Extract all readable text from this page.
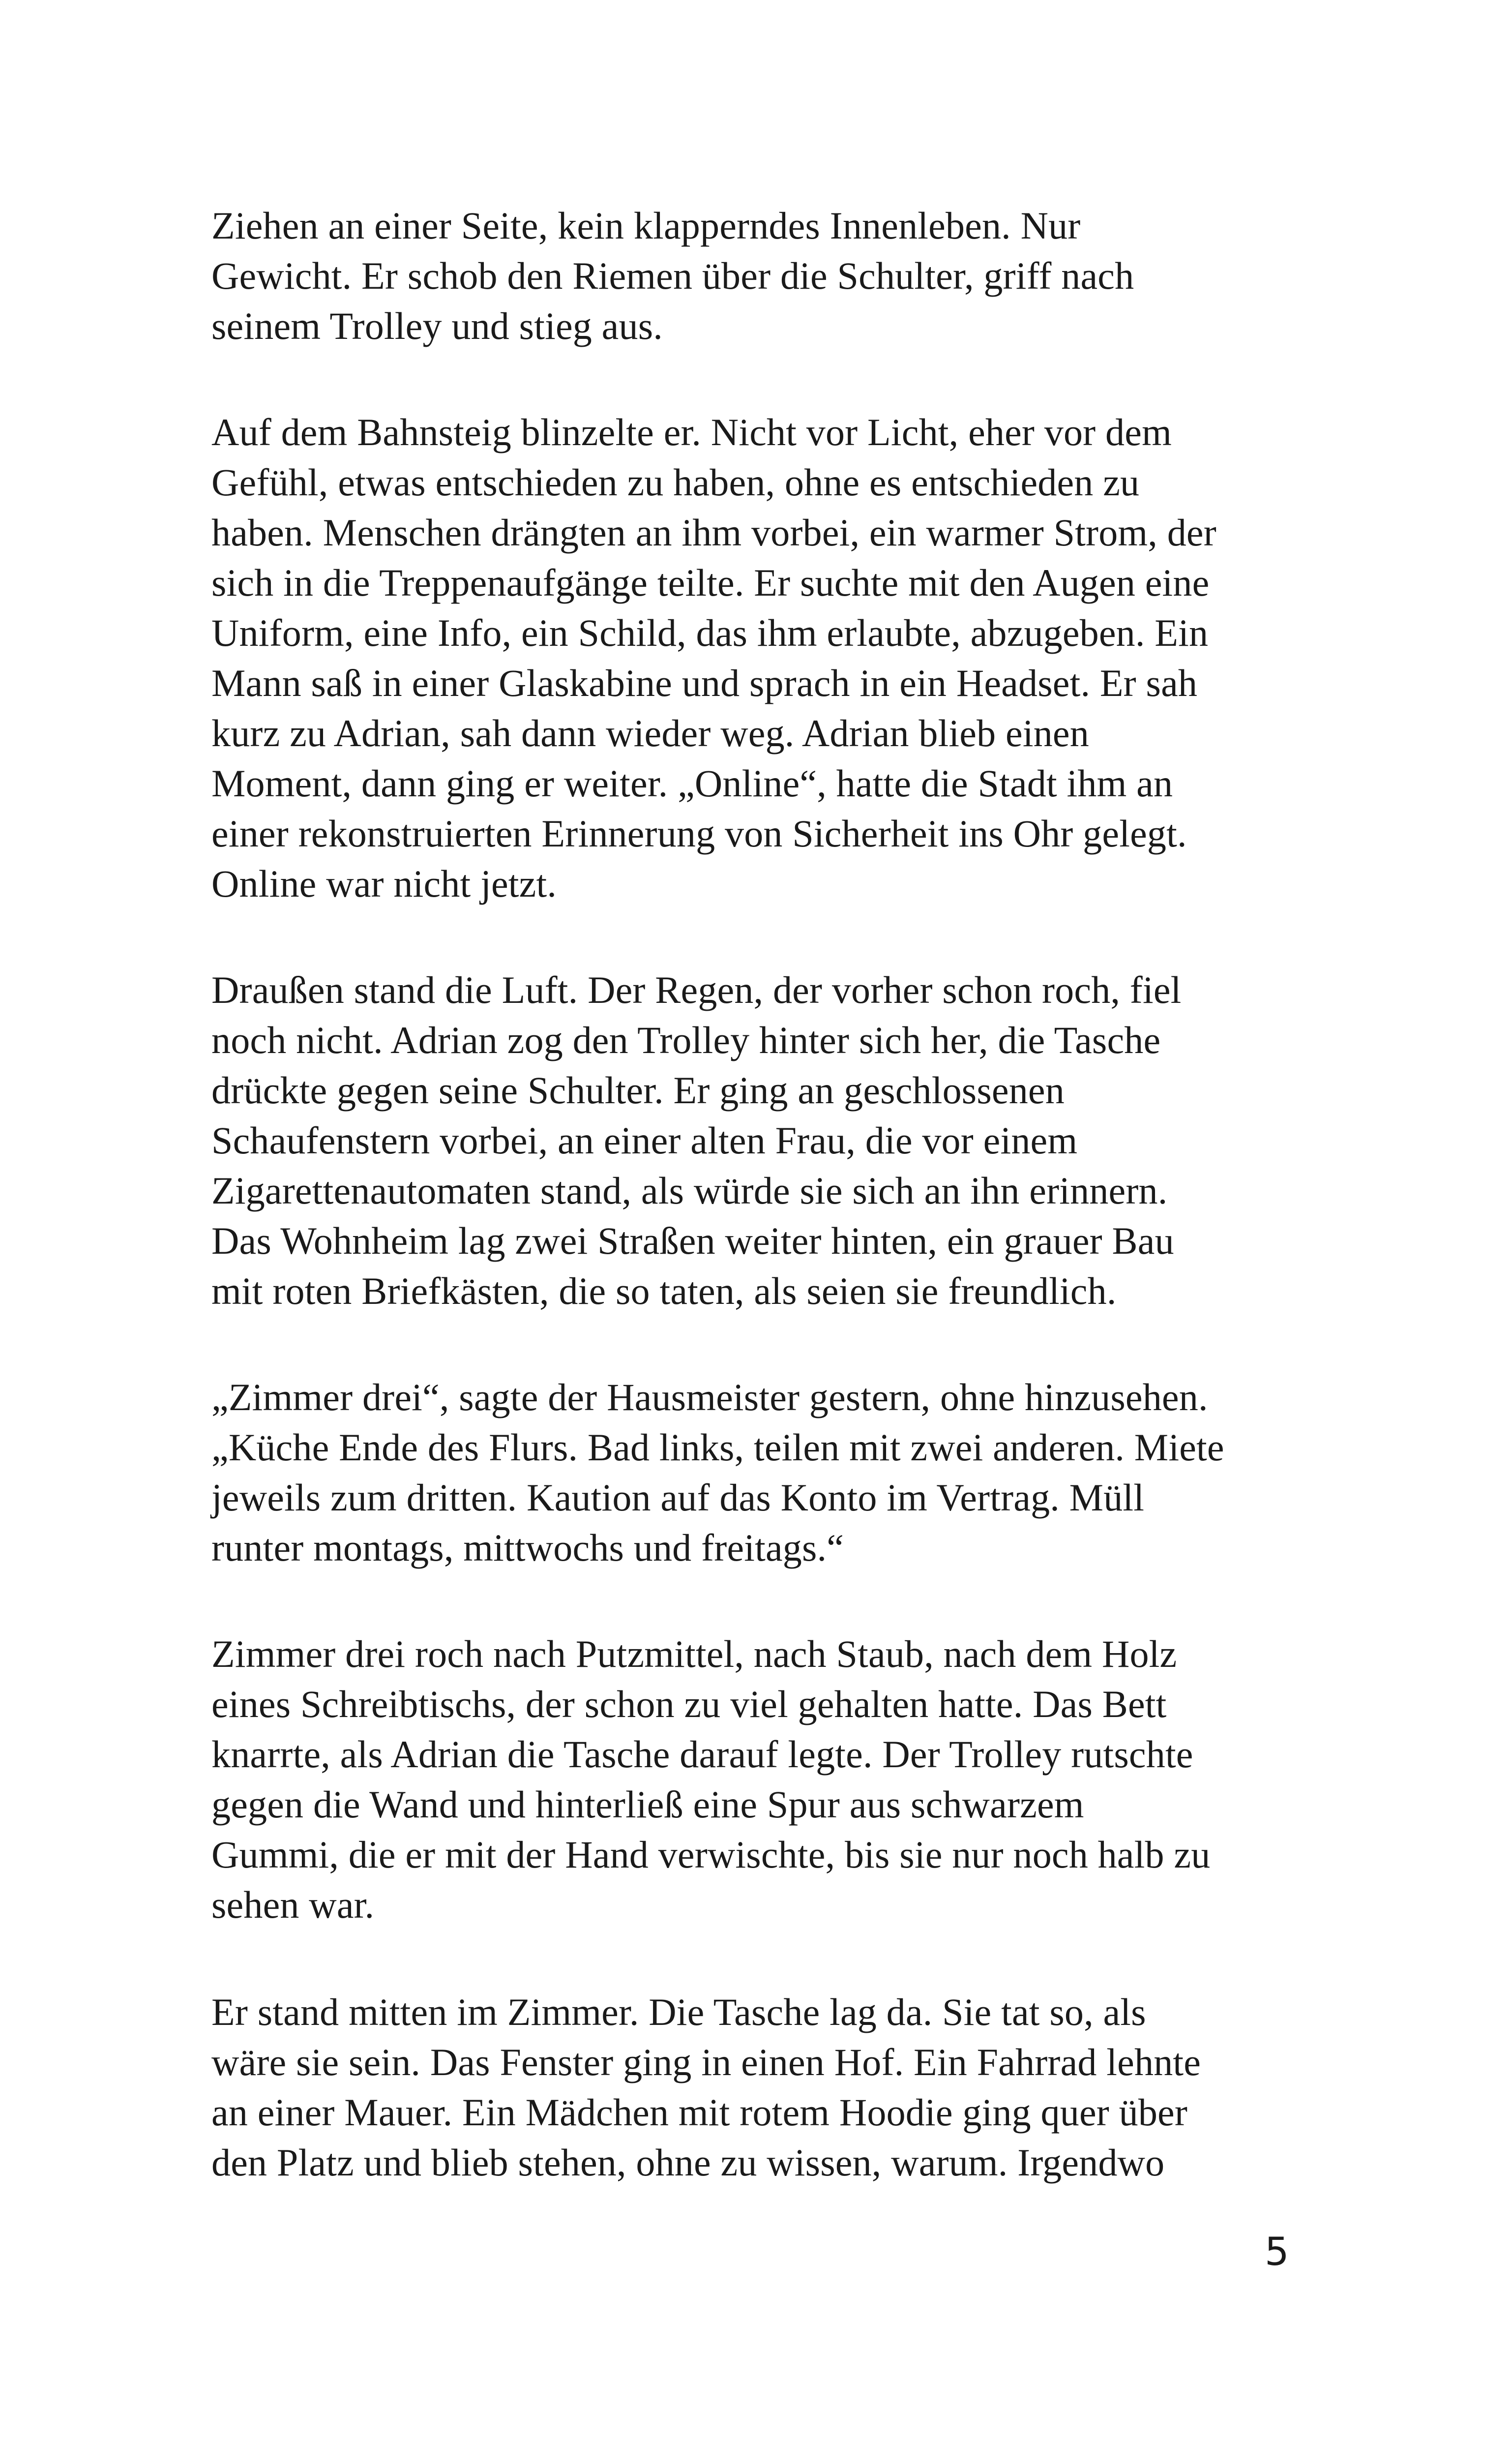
Ziehen an einer Seite, kein klapperndes Innenleben. Nur
Gewicht. Er schob den Riemen über die Schulter, griff nach
seinem Trolley und stieg aus.

Auf dem Bahnsteig blinzelte er. Nicht vor Licht, eher vor dem
Gefühl, etwas entschieden zu haben, ohne es entschieden zu
haben. Menschen drängten an ihm vorbei, ein warmer Strom, der
sich in die Treppenaufgänge teilte. Er suchte mit den Augen eine
Uniform, eine Info, ein Schild, das ihm erlaubte, abzugeben. Ein
Mann saß in einer Glaskabine und sprach in ein Headset. Er sah
kurz zu Adrian, sah dann wieder weg. Adrian blieb einen
Moment, dann ging er weiter. „Online“, hatte die Stadt ihm an
einer rekonstruierten Erinnerung von Sicherheit ins Ohr gelegt.
Online war nicht jetzt.

Draußen stand die Luft. Der Regen, der vorher schon roch, fiel
noch nicht. Adrian zog den Trolley hinter sich her, die Tasche
drückte gegen seine Schulter. Er ging an geschlossenen
Schaufenstern vorbei, an einer alten Frau, die vor einem
Zigarettenautomaten stand, als würde sie sich an ihn erinnern.
Das Wohnheim lag zwei Straßen weiter hinten, ein grauer Bau
mit roten Briefkästen, die so taten, als seien sie freundlich.

„Zimmer drei“, sagte der Hausmeister gestern, ohne hinzusehen.
„Küche Ende des Flurs. Bad links, teilen mit zwei anderen. Miete
jeweils zum dritten. Kaution auf das Konto im Vertrag. Müll
runter montags, mittwochs und freitags.“

Zimmer drei roch nach Putzmittel, nach Staub, nach dem Holz
eines Schreibtischs, der schon zu viel gehalten hatte. Das Bett
knarrte, als Adrian die Tasche darauf legte. Der Trolley rutschte
gegen die Wand und hinterließ eine Spur aus schwarzem
Gummi, die er mit der Hand verwischte, bis sie nur noch halb zu
sehen war.

Er stand mitten im Zimmer. Die Tasche lag da. Sie tat so, als
wäre sie sein. Das Fenster ging in einen Hof. Ein Fahrrad lehnte
an einer Mauer. Ein Mädchen mit rotem Hoodie ging quer über
den Platz und blieb stehen, ohne zu wissen, warum. Irgendwo

5
